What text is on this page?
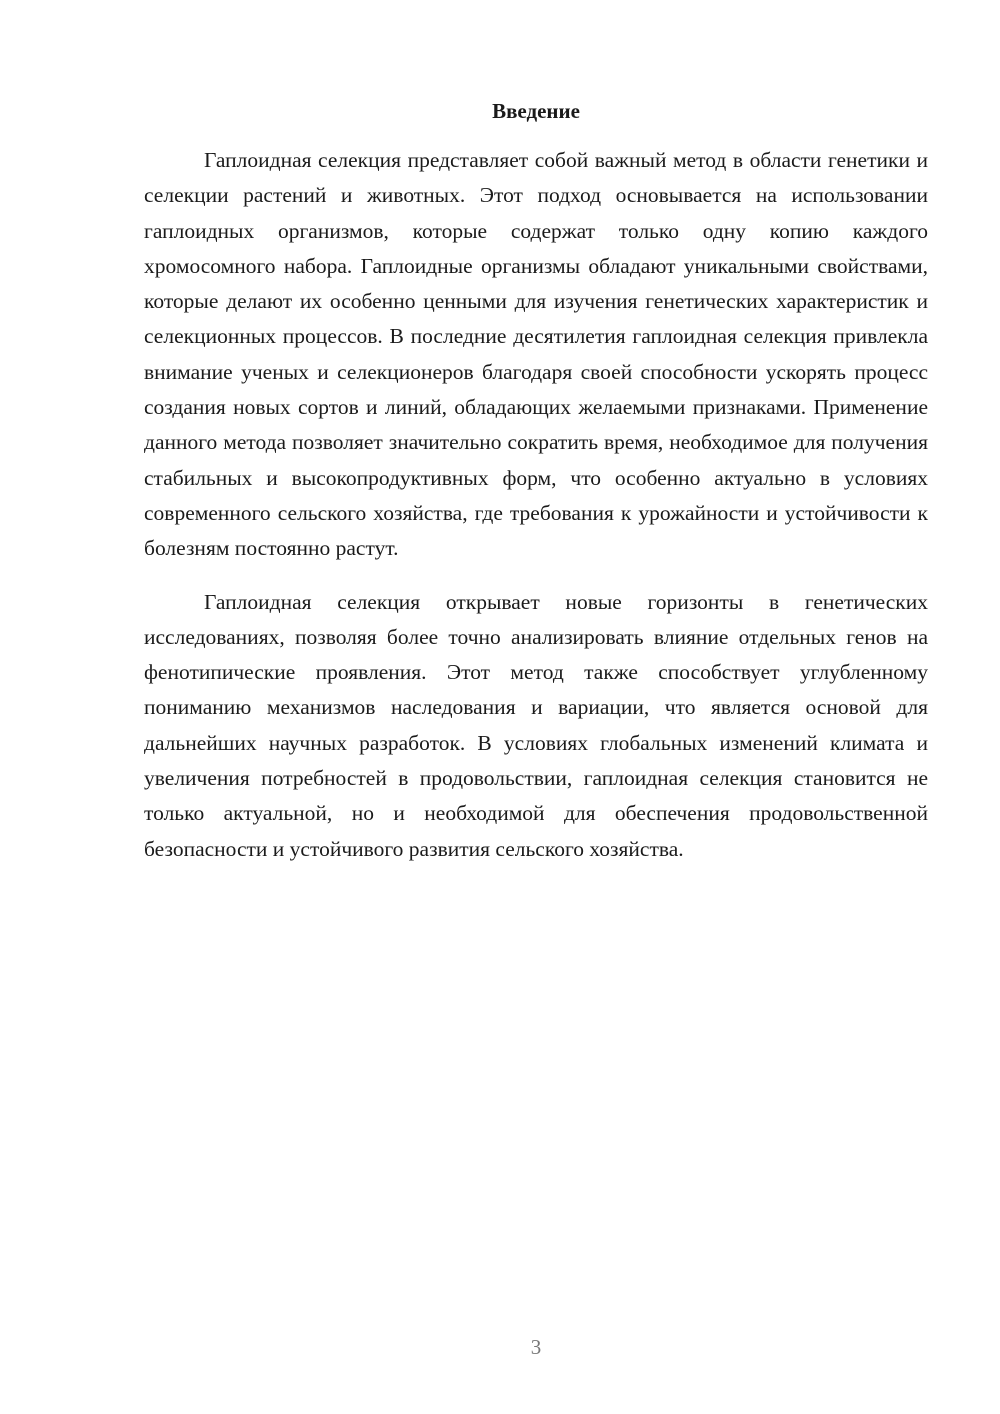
Введение

Гаплоидная селекция представляет собой важный метод в области генетики и селекции растений и животных. Этот подход основывается на использовании гаплоидных организмов, которые содержат только одну копию каждого хромосомного набора. Гаплоидные организмы обладают уникальными свойствами, которые делают их особенно ценными для изучения генетических характеристик и селекционных процессов. В последние десятилетия гаплоидная селекция привлекла внимание ученых и селекционеров благодаря своей способности ускорять процесс создания новых сортов и линий, обладающих желаемыми признаками. Применение данного метода позволяет значительно сократить время, необходимое для получения стабильных и высокопродуктивных форм, что особенно актуально в условиях современного сельского хозяйства, где требования к урожайности и устойчивости к болезням постоянно растут.

Гаплоидная селекция открывает новые горизонты в генетических исследованиях, позволяя более точно анализировать влияние отдельных генов на фенотипические проявления. Этот метод также способствует углубленному пониманию механизмов наследования и вариации, что является основой для дальнейших научных разработок. В условиях глобальных изменений климата и увеличения потребностей в продовольствии, гаплоидная селекция становится не только актуальной, но и необходимой для обеспечения продовольственной безопасности и устойчивого развития сельского хозяйства.

3
